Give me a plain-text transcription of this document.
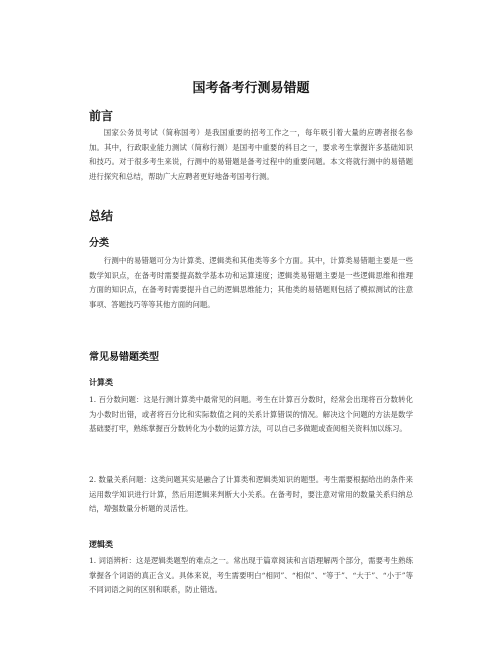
国考备考行测易错题
前言
国家公务员考试（简称国考）是我国重要的招考工作之一，每年吸引着大量的应聘者报名参加。其中，行政职业能力测试（简称行测）是国考中重要的科目之一，要求考生掌握许多基础知识和技巧。对于很多考生来说，行测中的易错题是备考过程中的重要问题。本文将就行测中的易错题进行探究和总结，帮助广大应聘者更好地备考国考行测。
总结
分类
行测中的易错题可分为计算类、逻辑类和其他类等多个方面。其中，计算类易错题主要是一些数学知识点，在备考时需要提高数学基本功和运算速度；逻辑类易错题主要是一些逻辑思维和推理方面的知识点，在备考时需要提升自己的逻辑思维能力；其他类的易错题则包括了模拟测试的注意事项、答题技巧等等其他方面的问题。
常见易错题类型
计算类
1. 百分数问题：这是行测计算类中最常见的问题。考生在计算百分数时，经常会出现将百分数转化为小数时出错，或者将百分比和实际数值之间的关系计算错误的情况。解决这个问题的方法是数学基础要打牢，熟练掌握百分数转化为小数的运算方法，可以自己多做题或查阅相关资料加以练习。
2. 数量关系问题：这类问题其实是融合了计算类和逻辑类知识的题型。考生需要根据给出的条件来运用数学知识进行计算，然后用逻辑来判断大小关系。在备考时，要注意对常用的数量关系归纳总结，增强数量分析题的灵活性。
逻辑类
1. 词语辨析：这是逻辑类题型的难点之一。常出现于篇章阅读和言语理解两个部分，需要考生熟练掌握各个词语的真正含义。具体来说，考生需要明白“相同”、“相似”、“等于”、“大于”、“小于”等不同词语之间的区别和联系，防止错选。
